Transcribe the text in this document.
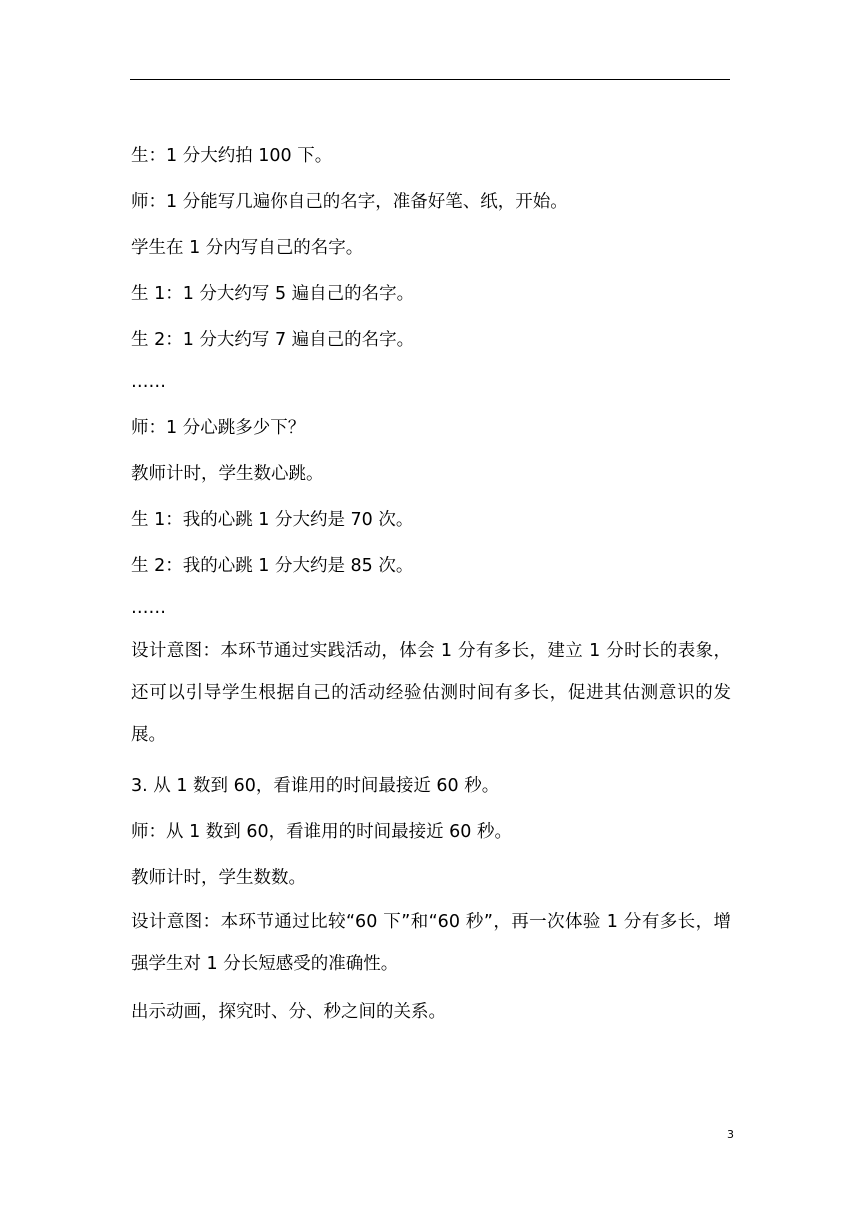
生：1 分大约拍 100 下。

师：1 分能写几遍你自己的名字，准备好笔、纸，开始。

学生在 1 分内写自己的名字。

生 1：1 分大约写 5 遍自己的名字。

生 2：1 分大约写 7 遍自己的名字。

……

师：1 分心跳多少下？

教师计时，学生数心跳。

生 1：我的心跳 1 分大约是 70 次。

生 2：我的心跳 1 分大约是 85 次。

……

设计意图：本环节通过实践活动，体会 1 分有多长，建立 1 分时长的表象，还可以引导学生根据自己的活动经验估测时间有多长，促进其估测意识的发展。

3. 从 1 数到 60，看谁用的时间最接近 60 秒。

师：从 1 数到 60，看谁用的时间最接近 60 秒。

教师计时，学生数数。

设计意图：本环节通过比较“60 下”和“60 秒”，再一次体验 1 分有多长，增强学生对 1 分长短感受的准确性。

出示动画，探究时、分、秒之间的关系。

3
